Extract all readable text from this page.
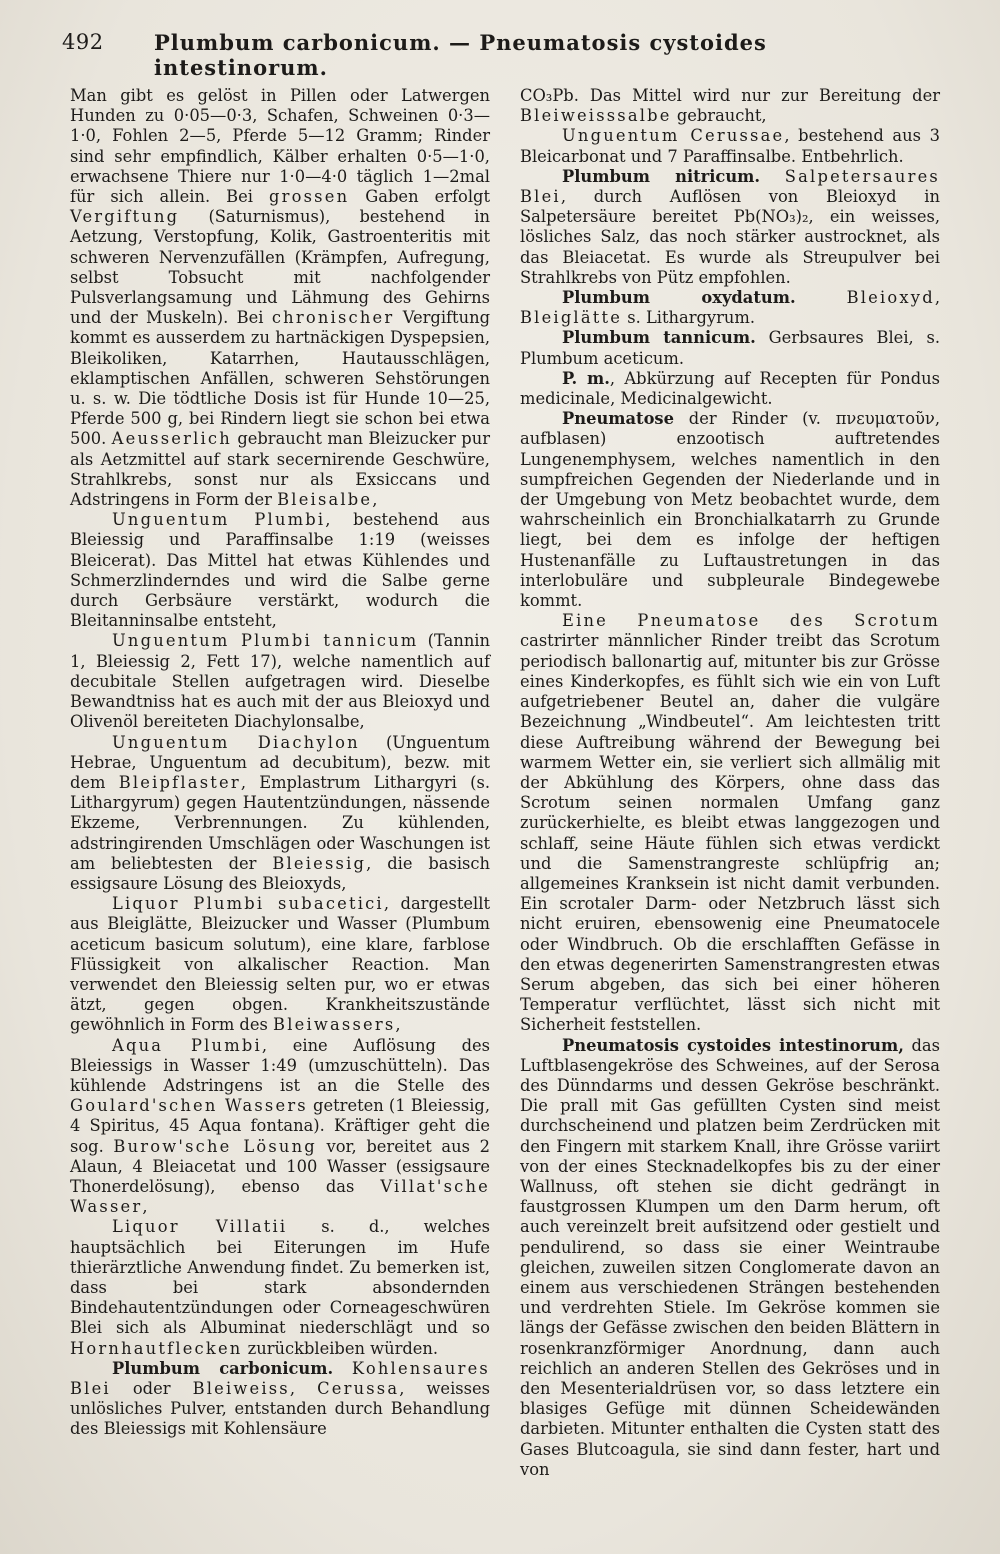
492 Plumbum carbonicum. — Pneumatosis cystoides intestinorum.

Man gibt es gelöst in Pillen oder Latwergen Hunden zu 0·05—0·3, Schafen, Schweinen 0·3—1·0, Fohlen 2—5, Pferde 5—12 Gramm; Rinder sind sehr empfindlich, Kälber erhalten 0·5—1·0, erwachsene Thiere nur 1·0—4·0 täglich 1—2mal für sich allein. Bei grossen Gaben erfolgt Vergiftung (Saturnismus), bestehend in Aetzung, Verstopfung, Kolik, Gastroenteritis mit schweren Nervenzufällen (Krämpfen, Aufregung, selbst Tobsucht mit nachfolgender Pulsverlangsamung und Lähmung des Gehirns und der Muskeln). Bei chronischer Vergiftung kommt es ausserdem zu hartnäckigen Dyspepsien, Bleikoliken, Katarrhen, Hautausschlägen, eklamptischen Anfällen, schweren Sehstörungen u. s. w. Die tödtliche Dosis ist für Hunde 10—25, Pferde 500 g, bei Rindern liegt sie schon bei etwa 500. Aeusserlich gebraucht man Bleizucker pur als Aetzmittel auf stark secernirende Geschwüre, Strahlkrebs, sonst nur als Exsiccans und Adstringens in Form der Bleisalbe,

Unguentum Plumbi, bestehend aus Bleiessig und Paraffinsalbe 1:19 (weisses Bleicerat). Das Mittel hat etwas Kühlendes und Schmerzlinderndes und wird die Salbe gerne durch Gerbsäure verstärkt, wodurch die Bleitanninsalbe entsteht,

Unguentum Plumbi tannicum (Tannin 1, Bleiessig 2, Fett 17), welche namentlich auf decubitale Stellen aufgetragen wird. Dieselbe Bewandtniss hat es auch mit der aus Bleioxyd und Olivenöl bereiteten Diachylonsalbe,

Unguentum Diachylon (Unguentum Hebrae, Unguentum ad decubitum), bezw. mit dem Bleipflaster, Emplastrum Lithargyri (s. Lithargyrum) gegen Hautentzündungen, nässende Ekzeme, Verbrennungen. Zu kühlenden, adstringirenden Umschlägen oder Waschungen ist am beliebtesten der Bleiessig, die basisch essigsaure Lösung des Bleioxyds,

Liquor Plumbi subacetici, dargestellt aus Bleiglätte, Bleizucker und Wasser (Plumbum aceticum basicum solutum), eine klare, farblose Flüssigkeit von alkalischer Reaction. Man verwendet den Bleiessig selten pur, wo er etwas ätzt, gegen obgen. Krankheitszustände gewöhnlich in Form des Bleiwassers,

Aqua Plumbi, eine Auflösung des Bleiessigs in Wasser 1:49 (umzuschütteln). Das kühlende Adstringens ist an die Stelle des Goulard'schen Wassers getreten (1 Bleiessig, 4 Spiritus, 45 Aqua fontana). Kräftiger geht die sog. Burow'sche Lösung vor, bereitet aus 2 Alaun, 4 Bleiacetat und 100 Wasser (essigsaure Thonerdelösung), ebenso das Villat'sche Wasser,

Liquor Villatii s. d., welches hauptsächlich bei Eiterungen im Hufe thierärztliche Anwendung findet. Zu bemerken ist, dass bei stark absondernden Bindehautentzündungen oder Corneageschwüren Blei sich als Albuminat niederschlägt und so Hornhautflecken zurückbleiben würden.

Plumbum carbonicum. Kohlensaures Blei oder Bleiweiss, Cerussa, weisses unlösliches Pulver, entstanden durch Behandlung des Bleiessigs mit Kohlensäure

CO₃Pb. Das Mittel wird nur zur Bereitung der Bleiweisssalbe gebraucht,

Unguentum Cerussae, bestehend aus 3 Bleicarbonat und 7 Paraffinsalbe. Entbehrlich.

Plumbum nitricum. Salpetersaures Blei, durch Auflösen von Bleioxyd in Salpetersäure bereitet Pb(NO₃)₂, ein weisses, lösliches Salz, das noch stärker austrocknet, als das Bleiacetat. Es wurde als Streupulver bei Strahlkrebs von Pütz empfohlen.

Plumbum oxydatum.	Bleioxyd, Bleiglätte s. Lithargyrum.

Plumbum tannicum. Gerbsaures Blei, s. Plumbum aceticum.

P. m., Abkürzung auf Recepten für Pondus medicinale, Medicinalgewicht.

Pneumatose der Rinder (v. πνευματοῦν, aufblasen) enzootisch auftretendes Lungenemphysem, welches namentlich in den sumpfreichen Gegenden der Niederlande und in der Umgebung von Metz beobachtet wurde, dem wahrscheinlich ein Bronchialkatarrh zu Grunde liegt, bei dem es infolge der heftigen Hustenanfälle zu Luftaustretungen in das interlobuläre und subpleurale Bindegewebe kommt.

Eine Pneumatose des Scrotum castrirter männlicher Rinder treibt das Scrotum periodisch ballonartig auf, mitunter bis zur Grösse eines Kinderkopfes, es fühlt sich wie ein von Luft aufgetriebener Beutel an, daher die vulgäre Bezeichnung „Windbeutel“. Am leichtesten tritt diese Auftreibung während der Bewegung bei warmem Wetter ein, sie verliert sich allmälig mit der Abkühlung des Körpers, ohne dass das Scrotum seinen normalen Umfang ganz zurückerhielte, es bleibt etwas langgezogen und schlaff, seine Häute fühlen sich etwas verdickt und die Samenstrangreste schlüpfrig an; allgemeines Kranksein ist nicht damit verbunden. Ein scrotaler Darm- oder Netzbruch lässt sich nicht eruiren, ebensowenig eine Pneumatocele oder Windbruch. Ob die erschlafften Gefässe in den etwas degenerirten Samenstrangresten etwas Serum abgeben, das sich bei einer höheren Temperatur verflüchtet, lässt sich nicht mit Sicherheit feststellen.

Pneumatosis cystoides intestinorum, das Luftblasengekröse des Schweines, auf der Serosa des Dünndarms und dessen Gekröse beschränkt. Die prall mit Gas gefüllten Cysten sind meist durchscheinend und platzen beim Zerdrücken mit den Fingern mit starkem Knall, ihre Grösse variirt von der eines Stecknadelkopfes bis zu der einer Wallnuss, oft stehen sie dicht gedrängt in faustgrossen Klumpen um den Darm herum, oft auch vereinzelt breit aufsitzend oder gestielt und pendulirend, so dass sie einer Weintraube gleichen, zuweilen sitzen Conglomerate davon an einem aus verschiedenen Strängen bestehenden und verdrehten Stiele. Im Gekröse kommen sie längs der Gefässe zwischen den beiden Blättern in rosenkranzförmiger Anordnung, dann auch reichlich an anderen Stellen des Gekröses und in den Mesenterialdrüsen vor, so dass letztere ein blasiges Gefüge mit dünnen Scheidewänden darbieten. Mitunter enthalten die Cysten statt des Gases Blutcoagula, sie sind dann fester, hart und von
